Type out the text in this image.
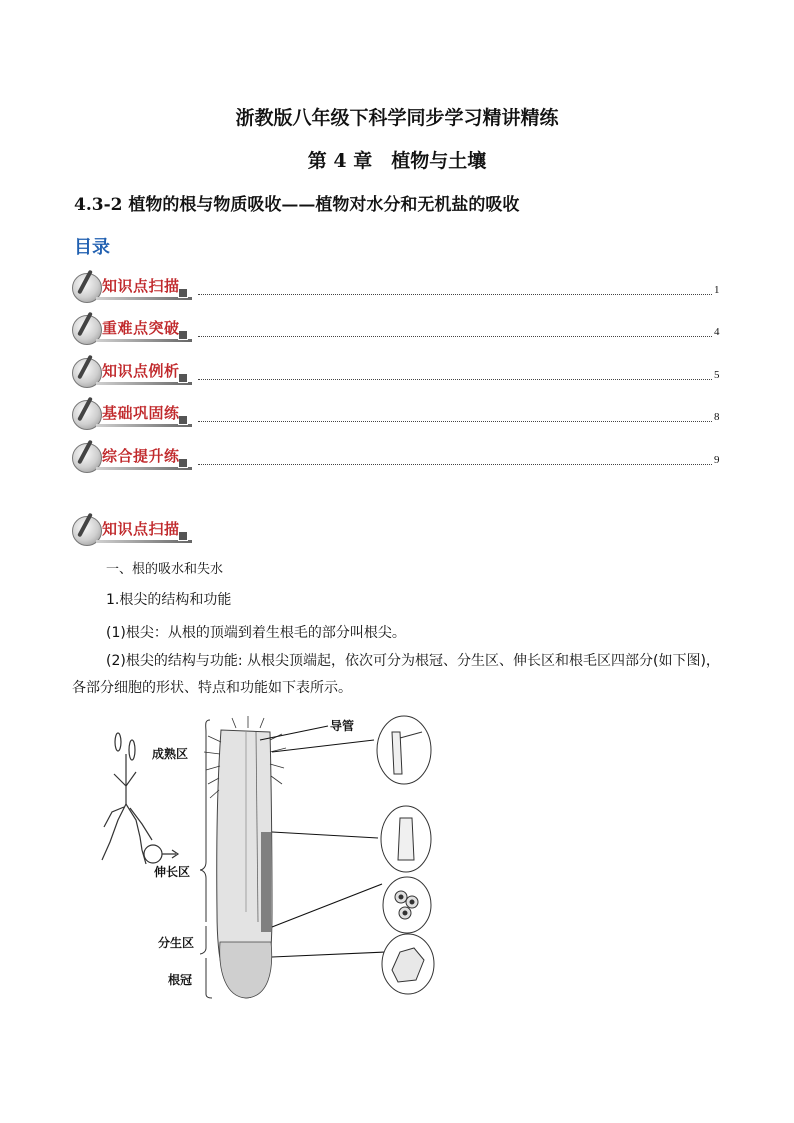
浙教版八年级下科学同步学习精讲精练
第 4 章　植物与土壤
4.3-2 植物的根与物质吸收——植物对水分和无机盐的吸收
目录
知识点扫描	1
重难点突破	4
知识点例析	5
基础巩固练	8
综合提升练	9
知识点扫描
一、根的吸水和失水
1.根尖的结构和功能
(1)根尖：从根的顶端到着生根毛的部分叫根尖。
(2)根尖的结构与功能: 从根尖顶端起，依次可分为根冠、分生区、伸长区和根毛区四部分(如下图)，各部分细胞的形状、特点和功能如下表所示。
导管
成熟区
伸长区
分生区
根冠
